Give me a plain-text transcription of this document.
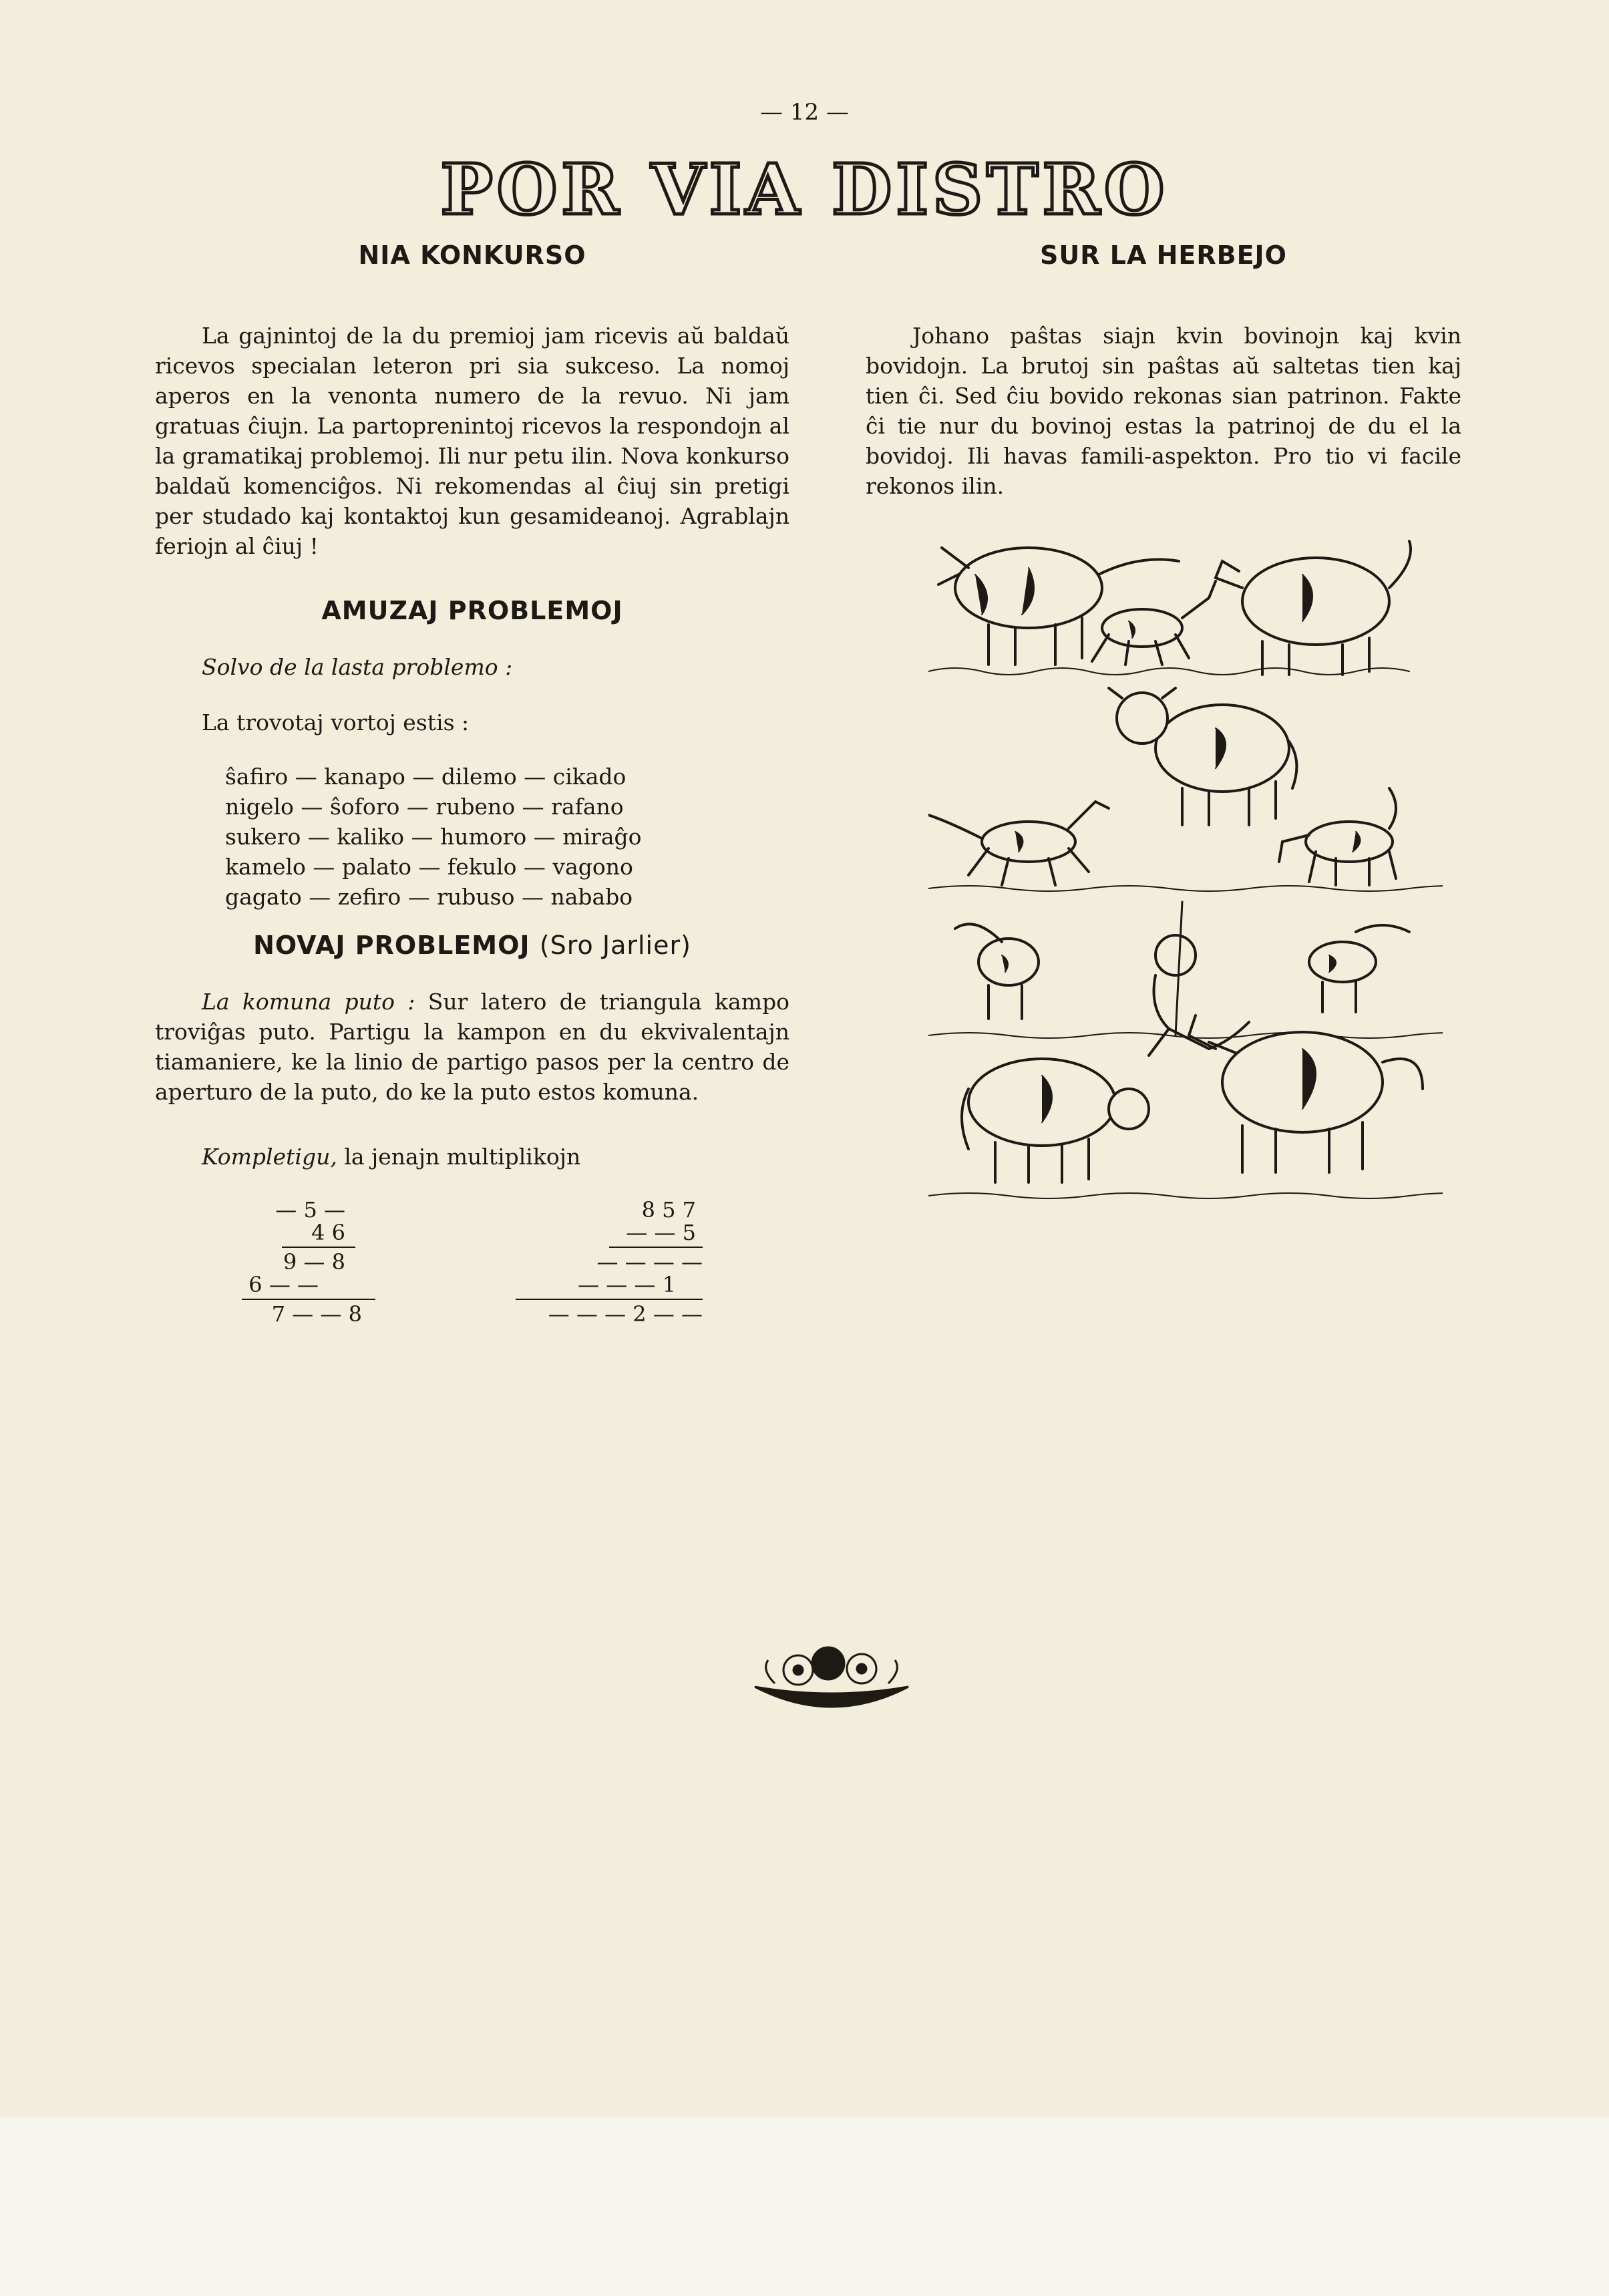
— 12 —
POR VIA DISTRO
NIA KONKURSO

La gajnintoj de la du premioj jam ricevis aŭ baldaŭ ricevos specialan leteron pri sia sukceso. La nomoj aperos en la venonta numero de la revuo. Ni jam gratuas ĉiujn. La partoprenintoj ricevos la respondojn al la gramatikaj problemoj. Ili nur petu ilin. Nova konkurso baldaŭ komenciĝos. Ni rekomendas al ĉiuj sin pretigi per studado kaj kontaktoj kun gesamideanoj. Agrablajn feriojn al ĉiuj !

AMUZAJ PROBLEMOJ

Solvo de la lasta problemo :

La trovotaj vortoj estis :

ŝafiro — kanapo — dilemo — cikado
nigelo — ŝoforo — rubeno — rafano
sukero — kaliko — humoro — miraĝo
kamelo — palato — fekulo — vagono
gagato — zefiro — rubuso — nababo
NOVAJ PROBLEMOJ (Sro Jarlier)

La komuna puto : Sur latero de triangula kampo troviĝas puto. Partigu la kampon en du ekvivalentajn tiamaniere, ke la linio de partigo pasos per la centro de aperturo de la puto, do ke la puto estos komuna.

Kompletigu, la jenajn multiplikojn

— 5 —
4 6
9 — 8
6 — —
7 — — 8
8 5 7
— — 5
— — — —
— — — 1
— — — 2 — —
SUR LA HERBEJO

Johano paŝtas siajn kvin bovinojn kaj kvin bovidojn. La brutoj sin paŝtas aŭ saltetas tien kaj tien ĉi. Sed ĉiu bovido rekonas sian patrinon. Fakte ĉi tie nur du bovinoj estas la patrinoj de du el la bovidoj. Ili havas famili-aspekton. Pro tio vi facile rekonos ilin.
